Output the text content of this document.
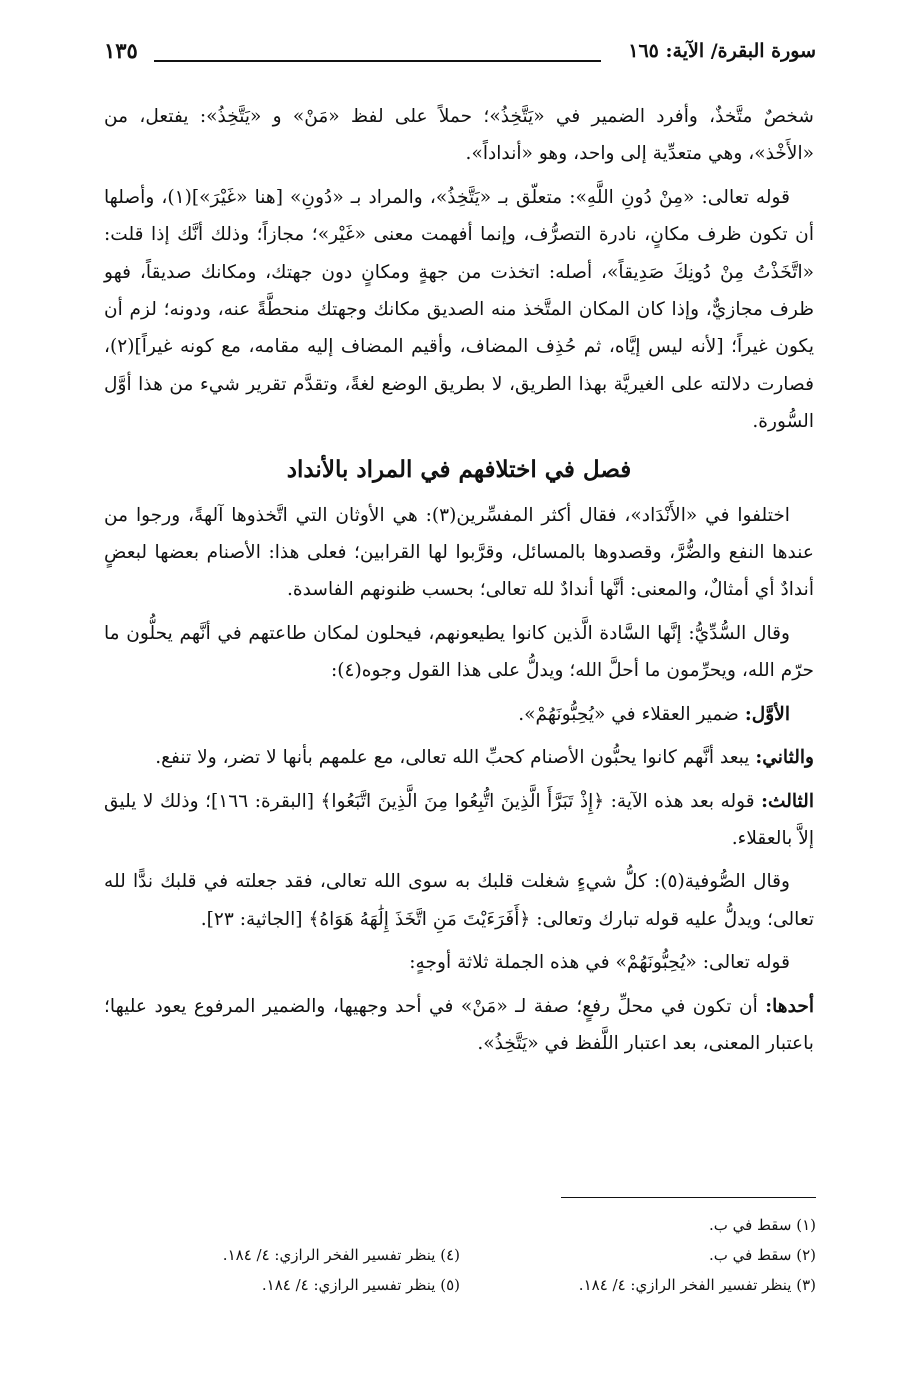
سورة البقرة/ الآية: ١٦٥
١٣٥

شخصٌ متَّخذٌ، وأفرد الضمير في «يَتَّخِذُ»؛ حملاً على لفظ «مَنْ» و «يَتَّخِذُ»: يفتعل، من «الأَخْذ»، وهي متعدِّية إلى واحد، وهو «أنداداً».

قوله تعالى: «مِنْ دُونِ اللَّهِ»: متعلّق بـ «يَتَّخِذُ»، والمراد بـ «دُونِ» [هنا «غَيْرَ»](١)، وأصلها أن تكون ظرف مكانٍ، نادرة التصرُّف، وإنما أفهمت معنى «غَيْر»؛ مجازاً؛ وذلك أنَّك إذا قلت: «اتَّخَذْتُ مِنْ دُونِكَ صَدِيقاً»، أصله: اتخذت من جهةٍ ومكانٍ دون جهتك، ومكانك صديقاً، فهو ظرف مجازيٌّ، وإذا كان المكان المتَّخذ منه الصديق مكانك وجهتك منحطَّةً عنه، ودونه؛ لزم أن يكون غيراً؛ [لأنه ليس إيَّاه، ثم حُذِف المضاف، وأقيم المضاف إليه مقامه، مع كونه غيراً](٢)، فصارت دلالته على الغيريَّة بهذا الطريق، لا بطريق الوضع لغةً، وتقدَّم تقرير شيء من هذا أوَّل السُّورة.

فصل في اختلافهم في المراد بالأنداد

اختلفوا في «الأَنْدَاد»، فقال أكثر المفسِّرين(٣): هي الأوثان التي اتَّخذوها آلهةً، ورجوا من عندها النفع والضُّرَّ، وقصدوها بالمسائل، وقرَّبوا لها القرابين؛ فعلى هذا: الأصنام بعضها لبعضٍ أندادٌ أي أمثالٌ، والمعنى: أنَّها أندادٌ لله تعالى؛ بحسب ظنونهم الفاسدة.

وقال السُّدِّيُّ: إنَّها السَّادة الَّذين كانوا يطيعونهم، فيحلون لمكان طاعتهم في أنَّهم يحلُّون ما حرّم الله، ويحرِّمون ما أحلَّ الله؛ ويدلُّ على هذا القول وجوه(٤):

الأوَّل: ضمير العقلاء في «يُحِبُّونَهُمْ».

والثاني: يبعد أنَّهم كانوا يحبُّون الأصنام كحبِّ الله تعالى، مع علمهم بأنها لا تضر، ولا تنفع.

الثالث: قوله بعد هذه الآية: ﴿إِذْ تَبَرَّأَ الَّذِينَ اتُّبِعُوا مِنَ الَّذِينَ اتَّبَعُوا﴾ [البقرة: ١٦٦]؛ وذلك لا يليق إلاَّ بالعقلاء.

وقال الصُّوفية(٥): كلُّ شيءٍ شغلت قلبك به سوى الله تعالى، فقد جعلته في قلبك ندًّا لله تعالى؛ ويدلُّ عليه قوله تبارك وتعالى: ﴿أَفَرَءَيْتَ مَنِ اتَّخَذَ إِلَٰهَهُ هَوَاهُ﴾ [الجاثية: ٢٣].

قوله تعالى: «يُحِبُّونَهُمْ» في هذه الجملة ثلاثة أوجهٍ:

أحدها: أن تكون في محلِّ رفعٍ؛ صفة لـ «مَنْ» في أحد وجهيها، والضمير المرفوع يعود عليها؛ باعتبار المعنى، بعد اعتبار اللَّفظ في «يَتَّخِذُ».

(١) سقط في ب.
(٢) سقط في ب.
(٤) ينظر تفسير الفخر الرازي: ٤/ ١٨٤.
(٣) ينظر تفسير الفخر الرازي: ٤/ ١٨٤.
(٥) ينظر تفسير الرازي: ٤/ ١٨٤.
